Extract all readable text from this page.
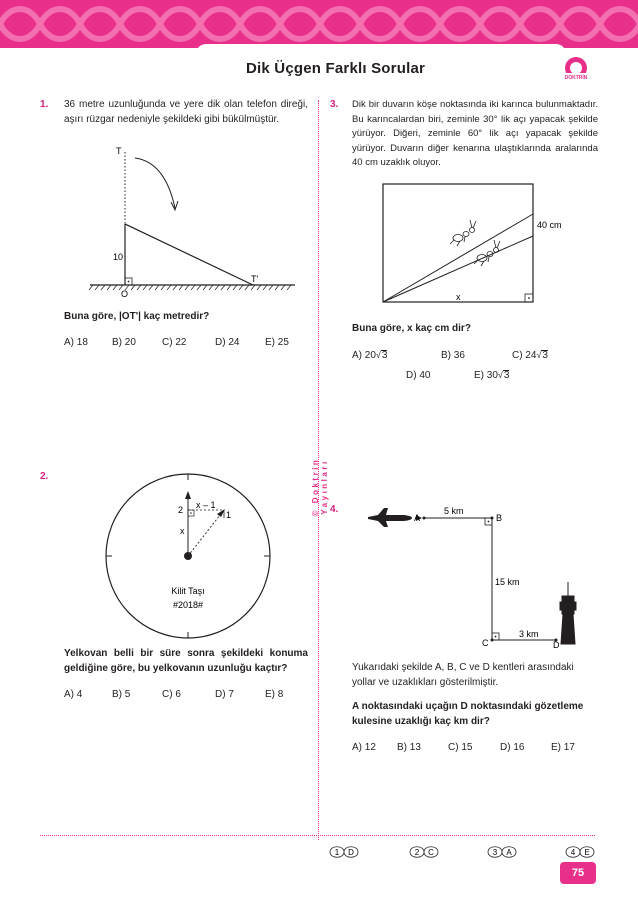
Dik Üçgen Farklı Sorular
DOKTRİN
© Doktrin Yayınları
1. 36 metre uzunluğunda ve yere dik olan telefon direği, aşırı rüzgar nedeniyle şekildeki gibi bükülmüştür.
T
10
O
T'
Buna göre, |OT'| kaç metredir?
A) 18 B) 20	C) 22	D) 24	E) 25
2.
2 x – 1
1
x
Kilit Taşı
#2018#
Yelkovan belli bir süre sonra şekildeki konuma geldiğine göre, bu yelkovanın uzunluğu kaçtır?
A) 4	B) 5	C) 6	D) 7	E) 8
3. Dik bir duvarın köşe noktasında iki karınca bulunmaktadır. Bu karıncalardan biri, zeminle 30° lik açı yapacak şekilde yürüyor. Diğeri, zeminle 60° lik açı yapacak şekilde yürüyor. Duvarın diğer kenarına ulaştıklarında aralarında 40 cm uzaklık oluyor.
40 cm
x
Buna göre, x kaç cm dir?
A) 20√3	B) 36	C) 24√3
D) 40	E) 30√3
4.
A	B
C	D
5 km
15 km
3 km
Yukarıdaki şekilde A, B, C ve D kentleri arasındaki yollar ve uzaklıkları gösterilmiştir.
A noktasındaki uçağın D noktasındaki gözetleme kulesine uzaklığı kaç km dir?
A) 12 B) 13	C) 15	D) 16	E) 17
1 D	2 C	3 A	4 E
75
